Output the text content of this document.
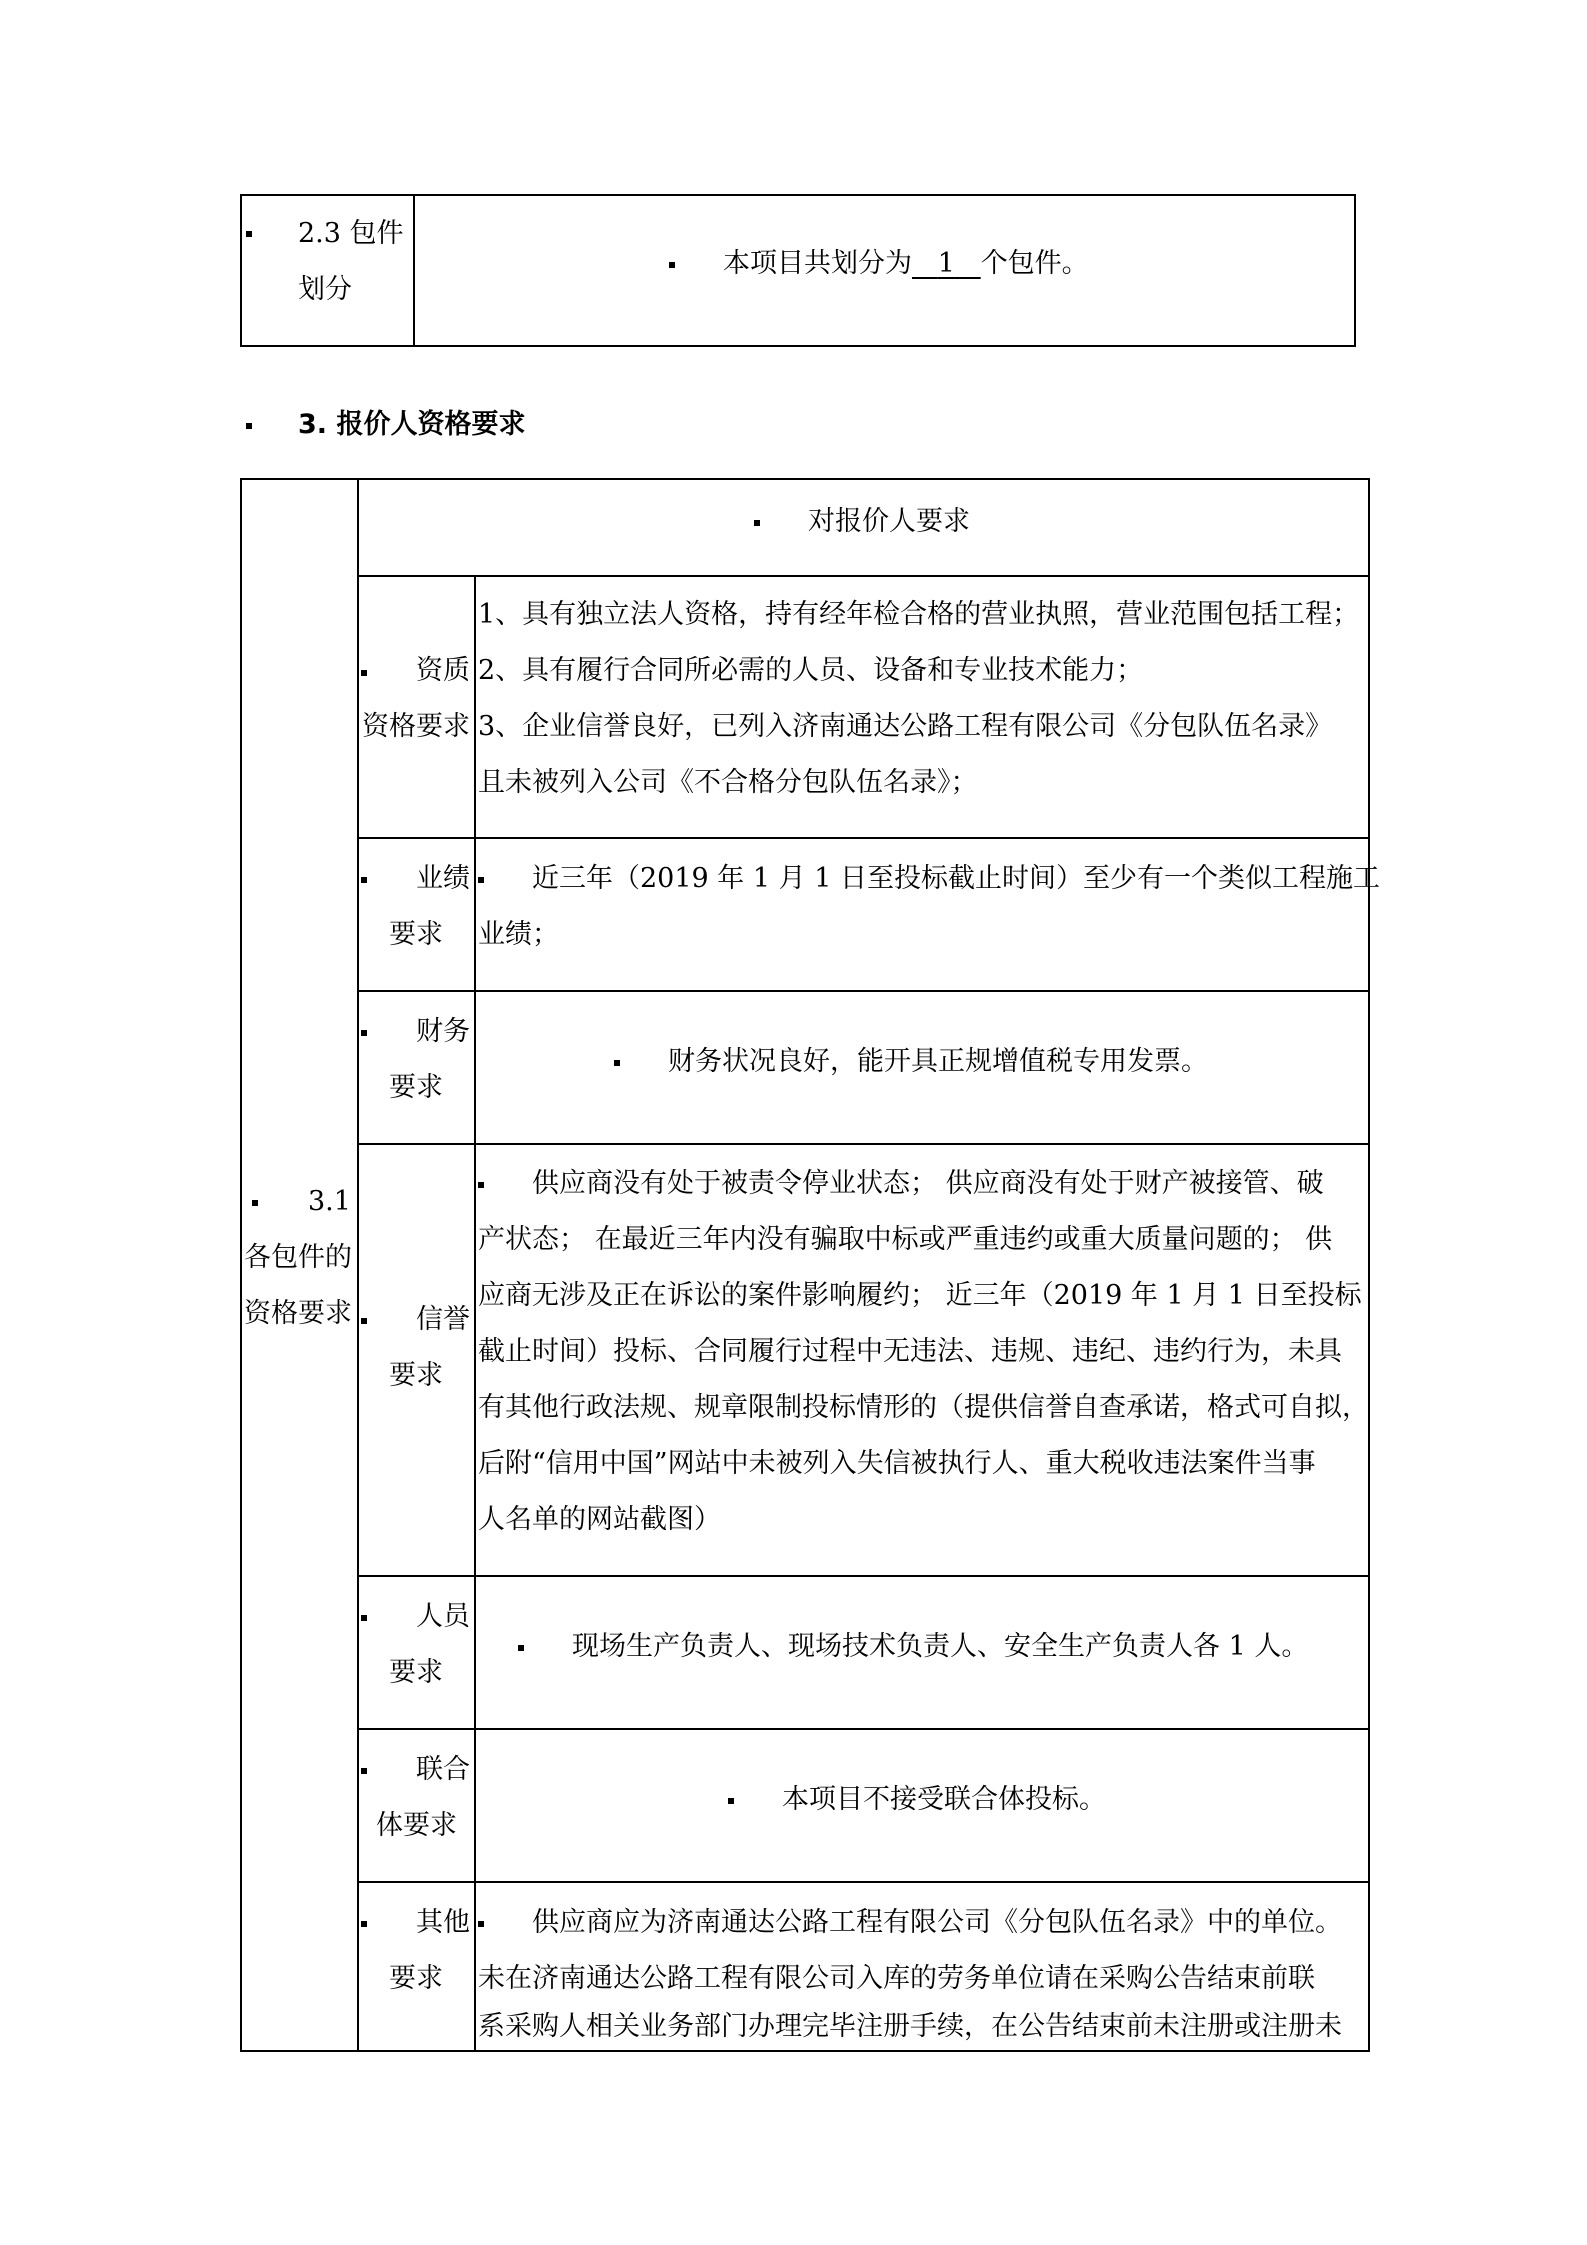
2.3 包件
划分
本项目共划分为 1 个包件。
3. 报价人资格要求
3.1
各包件的
资格要求
对报价人要求
资质
资格要求
1、具有独立法人资格，持有经年检合格的营业执照，营业范围包括工程；
2、具有履行合同所必需的人员、设备和专业技术能力；
3、企业信誉良好，已列入济南通达公路工程有限公司《分包队伍名录》
且未被列入公司《不合格分包队伍名录》；
业绩
要求
近三年（2019 年 1 月 1 日至投标截止时间）至少有一个类似工程施工
业绩；
财务
要求
财务状况良好，能开具正规增值税专用发票。
信誉
要求
供应商没有处于被责令停业状态； 供应商没有处于财产被接管、破
产状态； 在最近三年内没有骗取中标或严重违约或重大质量问题的； 供
应商无涉及正在诉讼的案件影响履约； 近三年（2019 年 1 月 1 日至投标
截止时间）投标、合同履行过程中无违法、违规、违纪、违约行为，未具
有其他行政法规、规章限制投标情形的（提供信誉自查承诺，格式可自拟，
后附“信用中国”网站中未被列入失信被执行人、重大税收违法案件当事
人名单的网站截图）
人员
要求
现场生产负责人、现场技术负责人、安全生产负责人各 1 人。
联合
体要求
本项目不接受联合体投标。
其他
要求
供应商应为济南通达公路工程有限公司《分包队伍名录》中的单位。
未在济南通达公路工程有限公司入库的劳务单位请在采购公告结束前联
系采购人相关业务部门办理完毕注册手续，在公告结束前未注册或注册未
